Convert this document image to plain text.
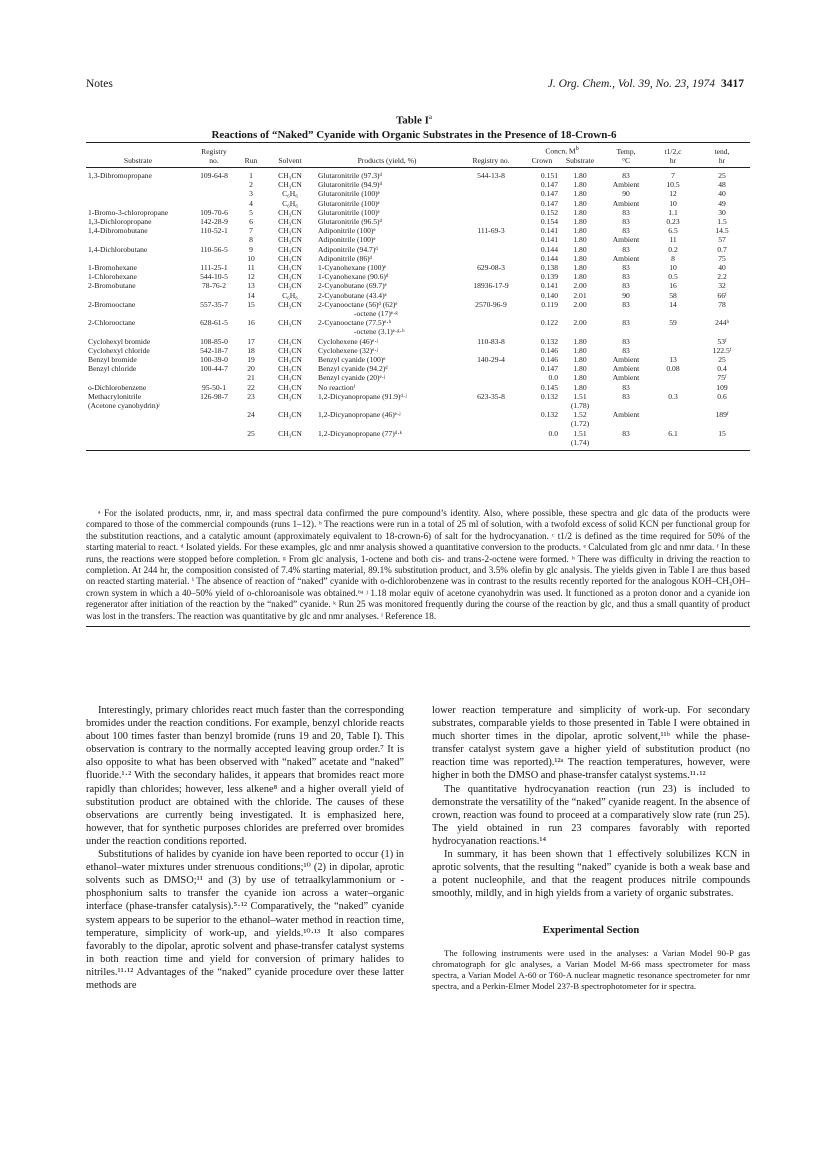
Notes	J. Org. Chem., Vol. 39, No. 23, 1974 3417
Table $I^a$
Reactions of “Naked” Cyanide with Organic Substrates in the Presence of 18-Crown-6
	Registry					Concn, $M^b$		Temp,	t1/2,c	tend,
Substrate	no.	Run	Solvent	Products (yield, %)	Registry no.	Crown	Substrate	°C	hr	hr
1,3-Dibromopropane	109-64-8	1	CH₃CN	Glutaronitrile (97.3)ᵈ	544-13-8	0.151	1.80	83	7	25
		2	CH₃CN	Glutaronitrile (94.9)ᵈ		0.147	1.80	Ambient	10.5	48
		3	C₆H₆	Glutaronitrile (100)ᵉ		0.147	1.80	90	12	40
		4	C₆H₆	Glutaronitrile (100)ᵉ		0.147	1.80	Ambient	10	49
1-Bromo-3-chloropropane	109-70-6	5	CH₃CN	Glutaronitrile (100)ᵉ		0.152	1.80	83	1.1	30
1,3-Dichloropropane	142-28-9	6	CH₃CN	Glutaronitrile (96.5)ᵈ		0.154	1.80	83	0.23	1.5
1,4-Dibromobutane	110-52-1	7	CH₃CN	Adiponitrile (100)ᵉ	111-69-3	0.141	1.80	83	6.5	14.5
		8	CH₃CN	Adiponitrile (100)ᵉ		0.141	1.80	Ambient	11	57
1,4-Dichlorobutane	110-56-5	9	CH₃CN	Adiponitrile (94.7)ᵈ		0.144	1.80	83	0.2	0.7
		10	CH₃CN	Adiponitrile (86)ᵈ		0.144	1.80	Ambient	8	75
1-Bromohexane	111-25-1	11	CH₃CN	1-Cyanohexane (100)ᵉ	629-08-3	0.138	1.80	83	10	40
1-Chlorohexane	544-10-5	12	CH₃CN	1-Cyanohexane (90.6)ᵈ		0.139	1.80	83	0.5	2.2
2-Bromobutane	78-76-2	13	CH₃CN	2-Cyanobutane (69.7)ᵉ	18936-17-9	0.141	2.00	83	16	32
		14	C₆H₆	2-Cyanobutane (43.4)ᵉ		0.140	2.01	90	58	66ᶠ
2-Bromooctane	557-35-7	15	CH₃CN	2-Cyanooctane (56)ᵈ (62)ᵉ	2570-96-9	0.119	2.00	83	14	78
				-octene (17)ᵉ·ᵍ						
2-Chlorooctane	628-61-5	16	CH₃CN	2-Cyanooctane (77.5)ᵉ·ʰ		0.122	2.00	83	59	244ʰ
				-octene (3.1)ᵉ·ᵍ·ʰ						
Cyclohexyl bromide	108-85-0	17	CH₃CN	Cyclohexene (46)ᵉ·ʲ	110-83-8	0.132	1.80	83		53ᶠ
Cyclohexyl chloride	542-18-7	18	CH₃CN	Cyclohexene (32)ᵉ·ʲ		0.146	1.80	83		122.5ᶠ
Benzyl bromide	100-39-0	19	CH₃CN	Benzyl cyanide (100)ᵉ	140-29-4	0.146	1.80	Ambient	13	25
Benzyl chloride	100-44-7	20	CH₃CN	Benzyl cyanide (94.2)ᵈ		0.147	1.80	Ambient	0.08	0.4
		21	CH₃CN	Benzyl cyanide (20)ᵉ·ʲ		0.0	1.80	Ambient		75ᶠ
o-Dichlorobenzene	95-50-1	22	CH₃CN	No reactionⁱ		0.145	1.80	83		109
Methacrylonitrile	126-98-7	23	CH₃CN	1,2-Dicyanopropane (91.9)ᵈ·ʲ	623-35-8	0.132	1.51	83	0.3	0.6
(Acetone cyanohydrin)ʲ							(1.78)			
		24	CH₃CN	1,2-Dicyanopropane (46)ᵉ·ʲ		0.132	1.52	Ambient		189ᶠ
							(1.72)			
		25	CH₃CN	1,2-Dicyanopropane (77)ᵈ·ᵏ		0.0	1.51	83	6.1	15
							(1.74)			
ᵃ For the isolated products, nmr, ir, and mass spectral data confirmed the pure compound’s identity. Also, where possible, these spectra and glc data of the products were compared to those of the commercial compounds (runs 1–12). ᵇ The reactions were run in a total of 25 ml of solution, with a twofold excess of solid KCN per functional group for the substitution reactions, and a catalytic amount (approximately equivalent to 18-crown-6) of salt for the hydrocyanation. ᶜ t1/2 is defined as the time required for 50% of the starting material to react. ᵈ Isolated yields. For these examples, glc and nmr analysis showed a quantitative conversion to the products. ᵉ Calculated from glc and nmr data. ᶠ In these runs, the reactions were stopped before completion. ᵍ From glc analysis, 1-octene and both cis- and trans-2-octene were formed. ʰ There was difficulty in driving the reaction to completion. At 244 hr, the composition consisted of 7.4% starting material, 89.1% substitution product, and 3.5% olefin by glc analysis. The yields given in Table I are thus based on reacted starting material. ⁱ The absence of reaction of “naked” cyanide with o-dichlorobenzene was in contrast to the results recently reported for the analogous KOH–CH₃OH–crown system in which a 40–50% yield of o-chloroanisole was obtained.⁶ᵃ ʲ 1.18 molar equiv of acetone cyanohydrin was used. It functioned as a proton donor and a cyanide ion regenerator after initiation of the reaction by the “naked” cyanide. ᵏ Run 25 was monitored frequently during the course of the reaction by glc, and thus a small quantity of product was lost in the transfers. The reaction was quantitative by glc and nmr analyses. ˡ Reference 18.

Interestingly, primary chlorides react much faster than the corresponding bromides under the reaction conditions. For example, benzyl chloride reacts about 100 times faster than benzyl bromide (runs 19 and 20, Table I). This observation is contrary to the normally accepted leaving group order.⁷ It is also opposite to what has been observed with “naked” acetate and “naked” fluoride.¹·² With the secondary halides, it appears that bromides react more rapidly than chlorides; however, less alkene⁸ and a higher overall yield of substitution product are obtained with the chloride. The causes of these observations are currently being investigated. It is emphasized here, however, that for synthetic purposes chlorides are preferred over bromides under the reaction conditions reported.

Substitutions of halides by cyanide ion have been reported to occur (1) in ethanol–water mixtures under strenuous conditions;¹⁰ (2) in dipolar, aprotic solvents such as DMSO;¹¹ and (3) by use of tetraalkylammonium or -phosphonium salts to transfer the cyanide ion across a water–organic interface (phase-transfer catalysis).⁵·¹² Comparatively, the “naked” cyanide system appears to be superior to the ethanol–water method in reaction time, temperature, simplicity of work-up, and yields.¹⁰·¹³ It also compares favorably to the dipolar, aprotic solvent and phase-transfer catalyst systems in both reaction time and yield for conversion of primary halides to nitriles.¹¹·¹² Advantages of the “naked” cyanide procedure over these latter methods are

lower reaction temperature and simplicity of work-up. For secondary substrates, comparable yields to those presented in Table I were obtained in much shorter times in the dipolar, aprotic solvent,¹¹ᵇ while the phase-transfer catalyst system gave a higher yield of substitution product (no reaction time was reported).¹²ᵃ The reaction temperatures, however, were higher in both the DMSO and phase-transfer catalyst systems.¹¹·¹²

The quantitative hydrocyanation reaction (run 23) is included to demonstrate the versatility of the “naked” cyanide reagent. In the absence of crown, reaction was found to proceed at a comparatively slow rate (run 25). The yield obtained in run 23 compares favorably with reported hydrocyanation reactions.¹⁴

In summary, it has been shown that 1 effectively solubilizes KCN in aprotic solvents, that the resulting “naked” cyanide is both a weak base and a potent nucleophile, and that the reagent produces nitrile compounds smoothly, mildly, and in high yields from a variety of organic substrates.

Experimental Section

The following instruments were used in the analyses: a Varian Model 90-P gas chromatograph for glc analyses, a Varian Model M-66 mass spectrometer for mass spectra, a Varian Model A-60 or T60-A nuclear magnetic resonance spectrometer for nmr spectra, and a Perkin-Elmer Model 237-B spectrophotometer for ir spectra.
